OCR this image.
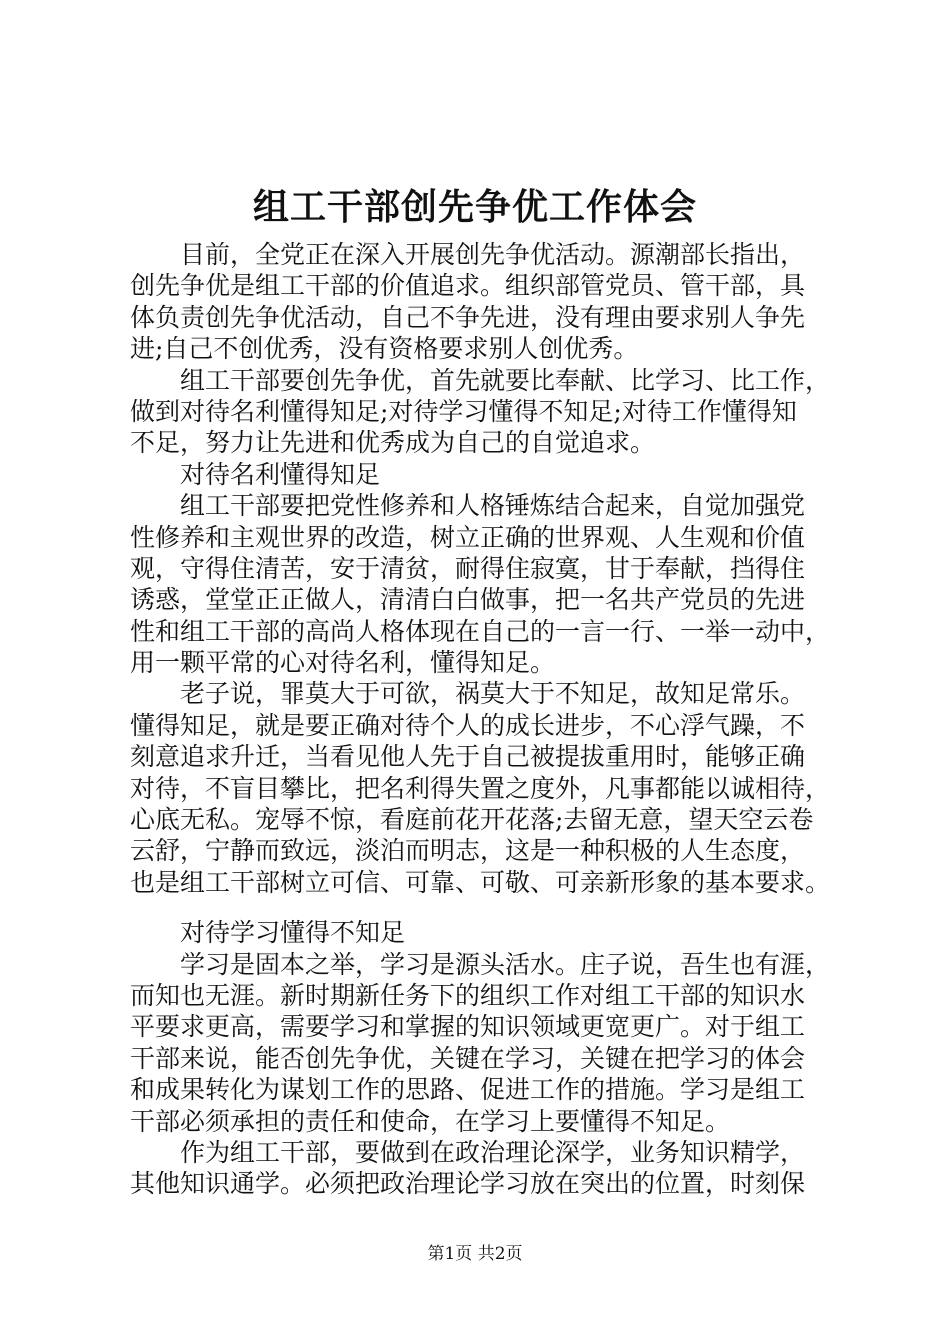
组工干部创先争优工作体会
目前，全党正在深入开展创先争优活动。源潮部长指出，
创先争优是组工干部的价值追求。组织部管党员、管干部，具
体负责创先争优活动，自己不争先进，没有理由要求别人争先
进;自己不创优秀，没有资格要求别人创优秀。
组工干部要创先争优，首先就要比奉献、比学习、比工作，
做到对待名利懂得知足;对待学习懂得不知足;对待工作懂得知
不足，努力让先进和优秀成为自己的自觉追求。
对待名利懂得知足
组工干部要把党性修养和人格锤炼结合起来，自觉加强党
性修养和主观世界的改造，树立正确的世界观、人生观和价值
观，守得住清苦，安于清贫，耐得住寂寞，甘于奉献，挡得住
诱惑，堂堂正正做人，清清白白做事，把一名共产党员的先进
性和组工干部的高尚人格体现在自己的一言一行、一举一动中，
用一颗平常的心对待名利，懂得知足。
老子说，罪莫大于可欲，祸莫大于不知足，故知足常乐。
懂得知足，就是要正确对待个人的成长进步，不心浮气躁，不
刻意追求升迁，当看见他人先于自己被提拔重用时，能够正确
对待，不盲目攀比，把名利得失置之度外，凡事都能以诚相待，
心底无私。宠辱不惊，看庭前花开花落;去留无意，望天空云卷
云舒，宁静而致远，淡泊而明志，这是一种积极的人生态度，
也是组工干部树立可信、可靠、可敬、可亲新形象的基本要求。
对待学习懂得不知足
学习是固本之举，学习是源头活水。庄子说，吾生也有涯，
而知也无涯。新时期新任务下的组织工作对组工干部的知识水
平要求更高，需要学习和掌握的知识领域更宽更广。对于组工
干部来说，能否创先争优，关键在学习，关键在把学习的体会
和成果转化为谋划工作的思路、促进工作的措施。学习是组工
干部必须承担的责任和使命，在学习上要懂得不知足。
作为组工干部，要做到在政治理论深学，业务知识精学，
其他知识通学。必须把政治理论学习放在突出的位置，时刻保
第1页 共2页
